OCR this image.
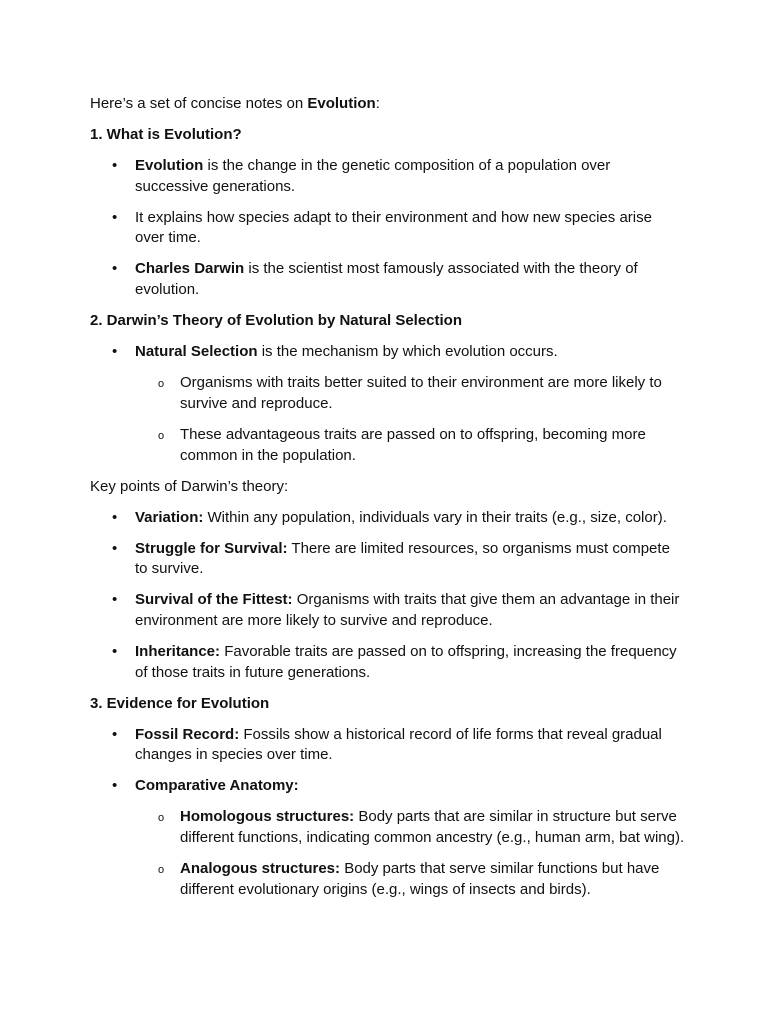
Here’s a set of concise notes on Evolution:

1. What is Evolution?

•	Evolution is the change in the genetic composition of a population over successive generations.
•	It explains how species adapt to their environment and how new species arise over time.
•	Charles Darwin is the scientist most famously associated with the theory of evolution.

2. Darwin’s Theory of Evolution by Natural Selection

•	Natural Selection is the mechanism by which evolution occurs.
o Organisms with traits better suited to their environment are more likely to survive and reproduce.
o These advantageous traits are passed on to offspring, becoming more common in the population.

Key points of Darwin’s theory:

•	Variation: Within any population, individuals vary in their traits (e.g., size, color).
•	Struggle for Survival: There are limited resources, so organisms must compete to survive.
•	Survival of the Fittest: Organisms with traits that give them an advantage in their environment are more likely to survive and reproduce.
•	Inheritance: Favorable traits are passed on to offspring, increasing the frequency of those traits in future generations.

3. Evidence for Evolution

•	Fossil Record: Fossils show a historical record of life forms that reveal gradual changes in species over time.
•	Comparative Anatomy:
o Homologous structures: Body parts that are similar in structure but serve different functions, indicating common ancestry (e.g., human arm, bat wing).
o Analogous structures: Body parts that serve similar functions but have different evolutionary origins (e.g., wings of insects and birds).
